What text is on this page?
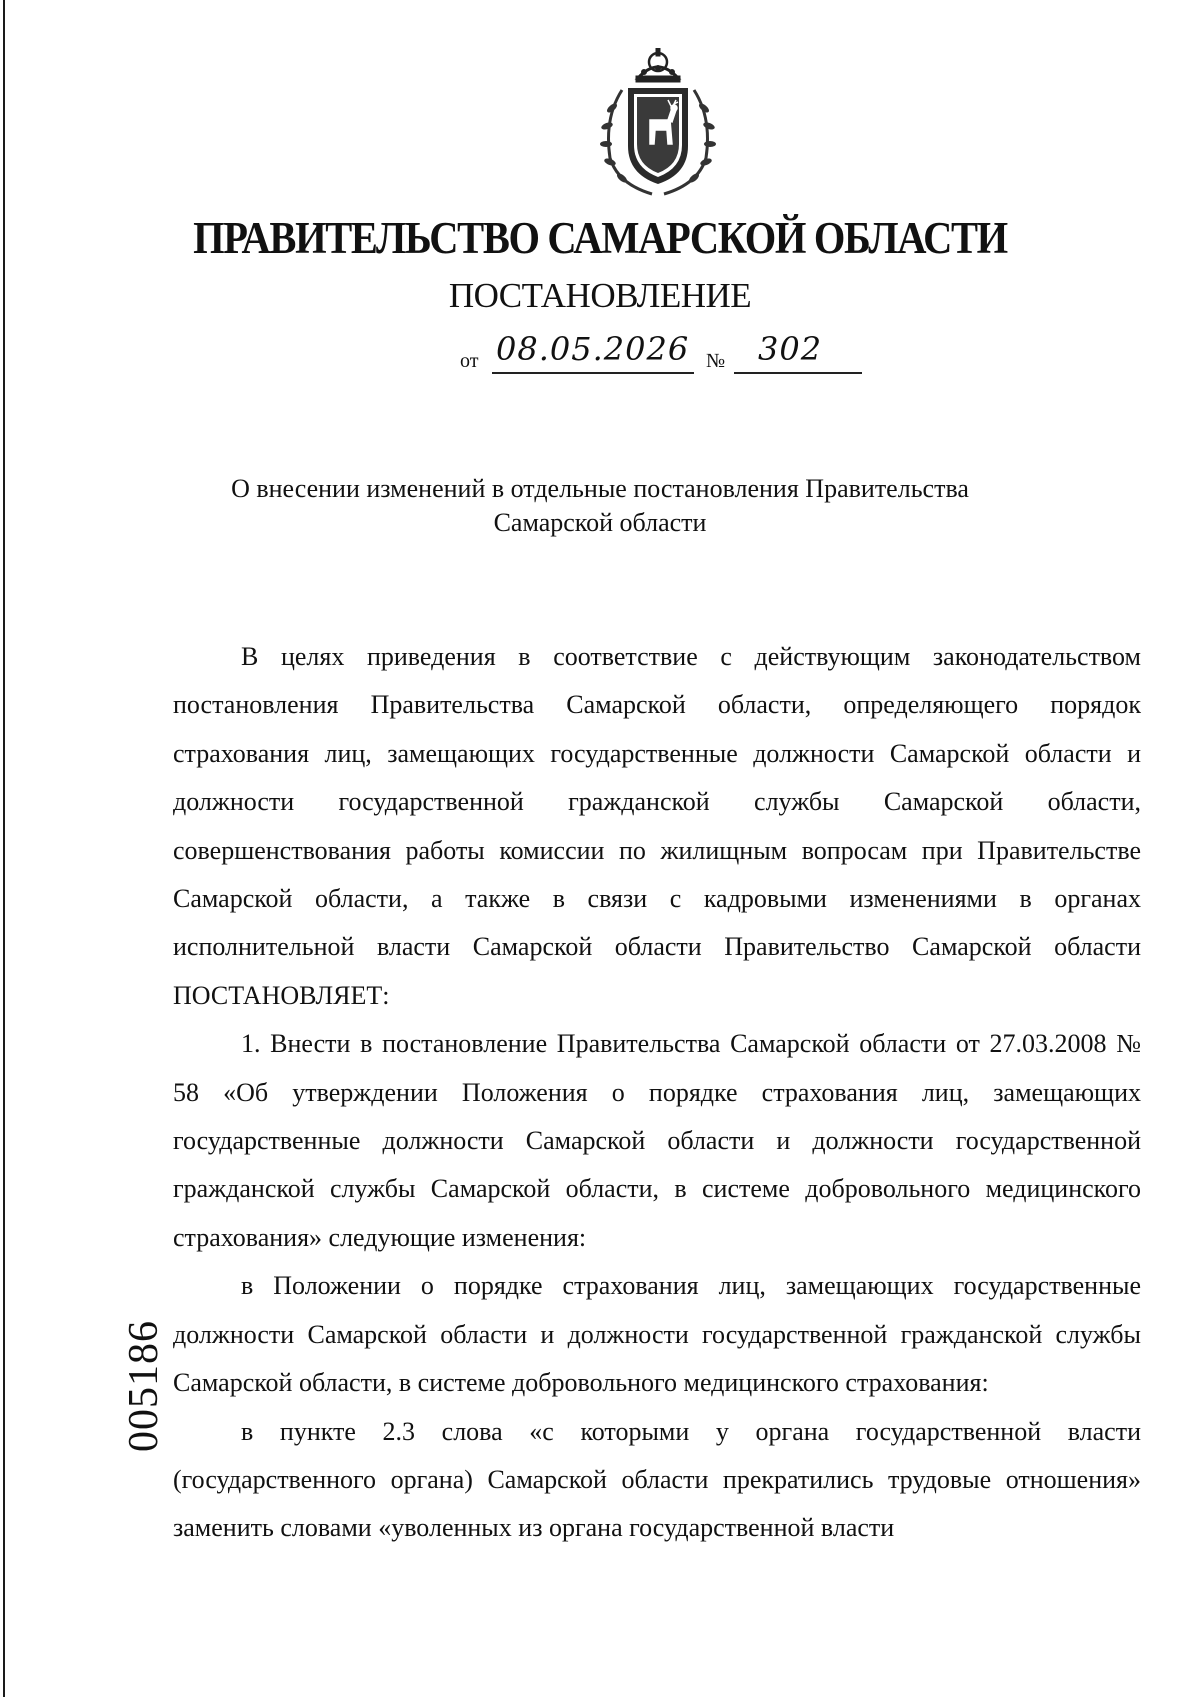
ПРАВИТЕЛЬСТВО САМАРСКОЙ ОБЛАСТИ
ПОСТАНОВЛЕНИЕ
от 08.05.2026 № 302
О внесении изменений в отдельные постановления Правительства
Самарской области

В целях приведения в соответствие с действующим законодательством постановления Правительства Самарской области, определяющего порядок страхования лиц, замещающих государственные должности Самарской области и должности государственной гражданской службы Самарской области, совершенствования работы комиссии по жилищным вопросам при Правительстве Самарской области, а также в связи с кадровыми изменениями в органах исполнительной власти Самарской области Правительство Самарской области ПОСТАНОВЛЯЕТ:

1. Внести в постановление Правительства Самарской области от 27.03.2008 № 58 «Об утверждении Положения о порядке страхования лиц, замещающих государственные должности Самарской области и должности государственной гражданской службы Самарской области, в системе добровольного медицинского страхования» следующие изменения:

в Положении о порядке страхования лиц, замещающих государственные должности Самарской области и должности государственной гражданской службы Самарской области, в системе добровольного медицинского страхования:

в пункте 2.3 слова «с которыми у органа государственной власти (государственного органа) Самарской области прекратились трудовые отношения» заменить словами «уволенных из органа государственной власти

005186
